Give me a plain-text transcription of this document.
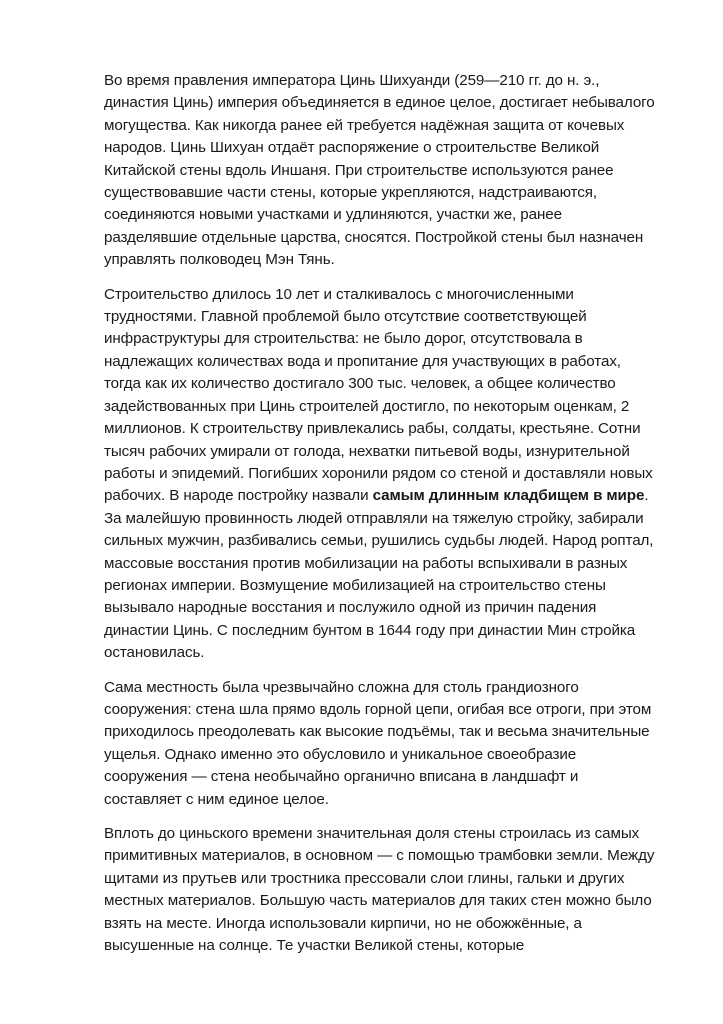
Во время правления императора Цинь Шихуанди (259—210 гг. до н. э., династия Цинь) империя объединяется в единое целое, достигает небывалого могущества. Как никогда ранее ей требуется надёжная защита от кочевых народов. Цинь Шихуан отдаёт распоряжение о строительстве Великой Китайской стены вдоль Иншаня. При строительстве используются ранее существовавшие части стены, которые укрепляются, надстраиваются, соединяются новыми участками и удлиняются, участки же, ранее разделявшие отдельные царства, сносятся. Постройкой стены был назначен управлять полководец Мэн Тянь.

Строительство длилось 10 лет и сталкивалось с многочисленными трудностями. Главной проблемой было отсутствие соответствующей инфраструктуры для строительства: не было дорог, отсутствовала в надлежащих количествах вода и пропитание для участвующих в работах, тогда как их количество достигало 300 тыс. человек, а общее количество задействованных при Цинь строителей достигло, по некоторым оценкам, 2 миллионов. К строительству привлекались рабы, солдаты, крестьяне. Сотни тысяч рабочих умирали от голода, нехватки питьевой воды, изнурительной работы и эпидемий. Погибших хоронили рядом со стеной и доставляли новых рабочих. В народе постройку назвали самым длинным кладбищем в мире. За малейшую провинность людей отправляли на тяжелую стройку, забирали сильных мужчин, разбивались семьи, рушились судьбы людей. Народ роптал, массовые восстания против мобилизации на работы вспыхивали в разных регионах империи. Возмущение мобилизацией на строительство стены вызывало народные восстания и послужило одной из причин падения династии Цинь. С последним бунтом в 1644 году при династии Мин стройка остановилась.

Сама местность была чрезвычайно сложна для столь грандиозного сооружения: стена шла прямо вдоль горной цепи, огибая все отроги, при этом приходилось преодолевать как высокие подъёмы, так и весьма значительные ущелья. Однако именно это обусловило и уникальное своеобразие сооружения — стена необычайно органично вписана в ландшафт и составляет с ним единое целое.

Вплоть до циньского времени значительная доля стены строилась из самых примитивных материалов, в основном — с помощью трамбовки земли. Между щитами из прутьев или тростника прессовали слои глины, гальки и других местных материалов. Большую часть материалов для таких стен можно было взять на месте. Иногда использовали кирпичи, но не обожжённые, а высушенные на солнце. Те участки Великой стены, которые
